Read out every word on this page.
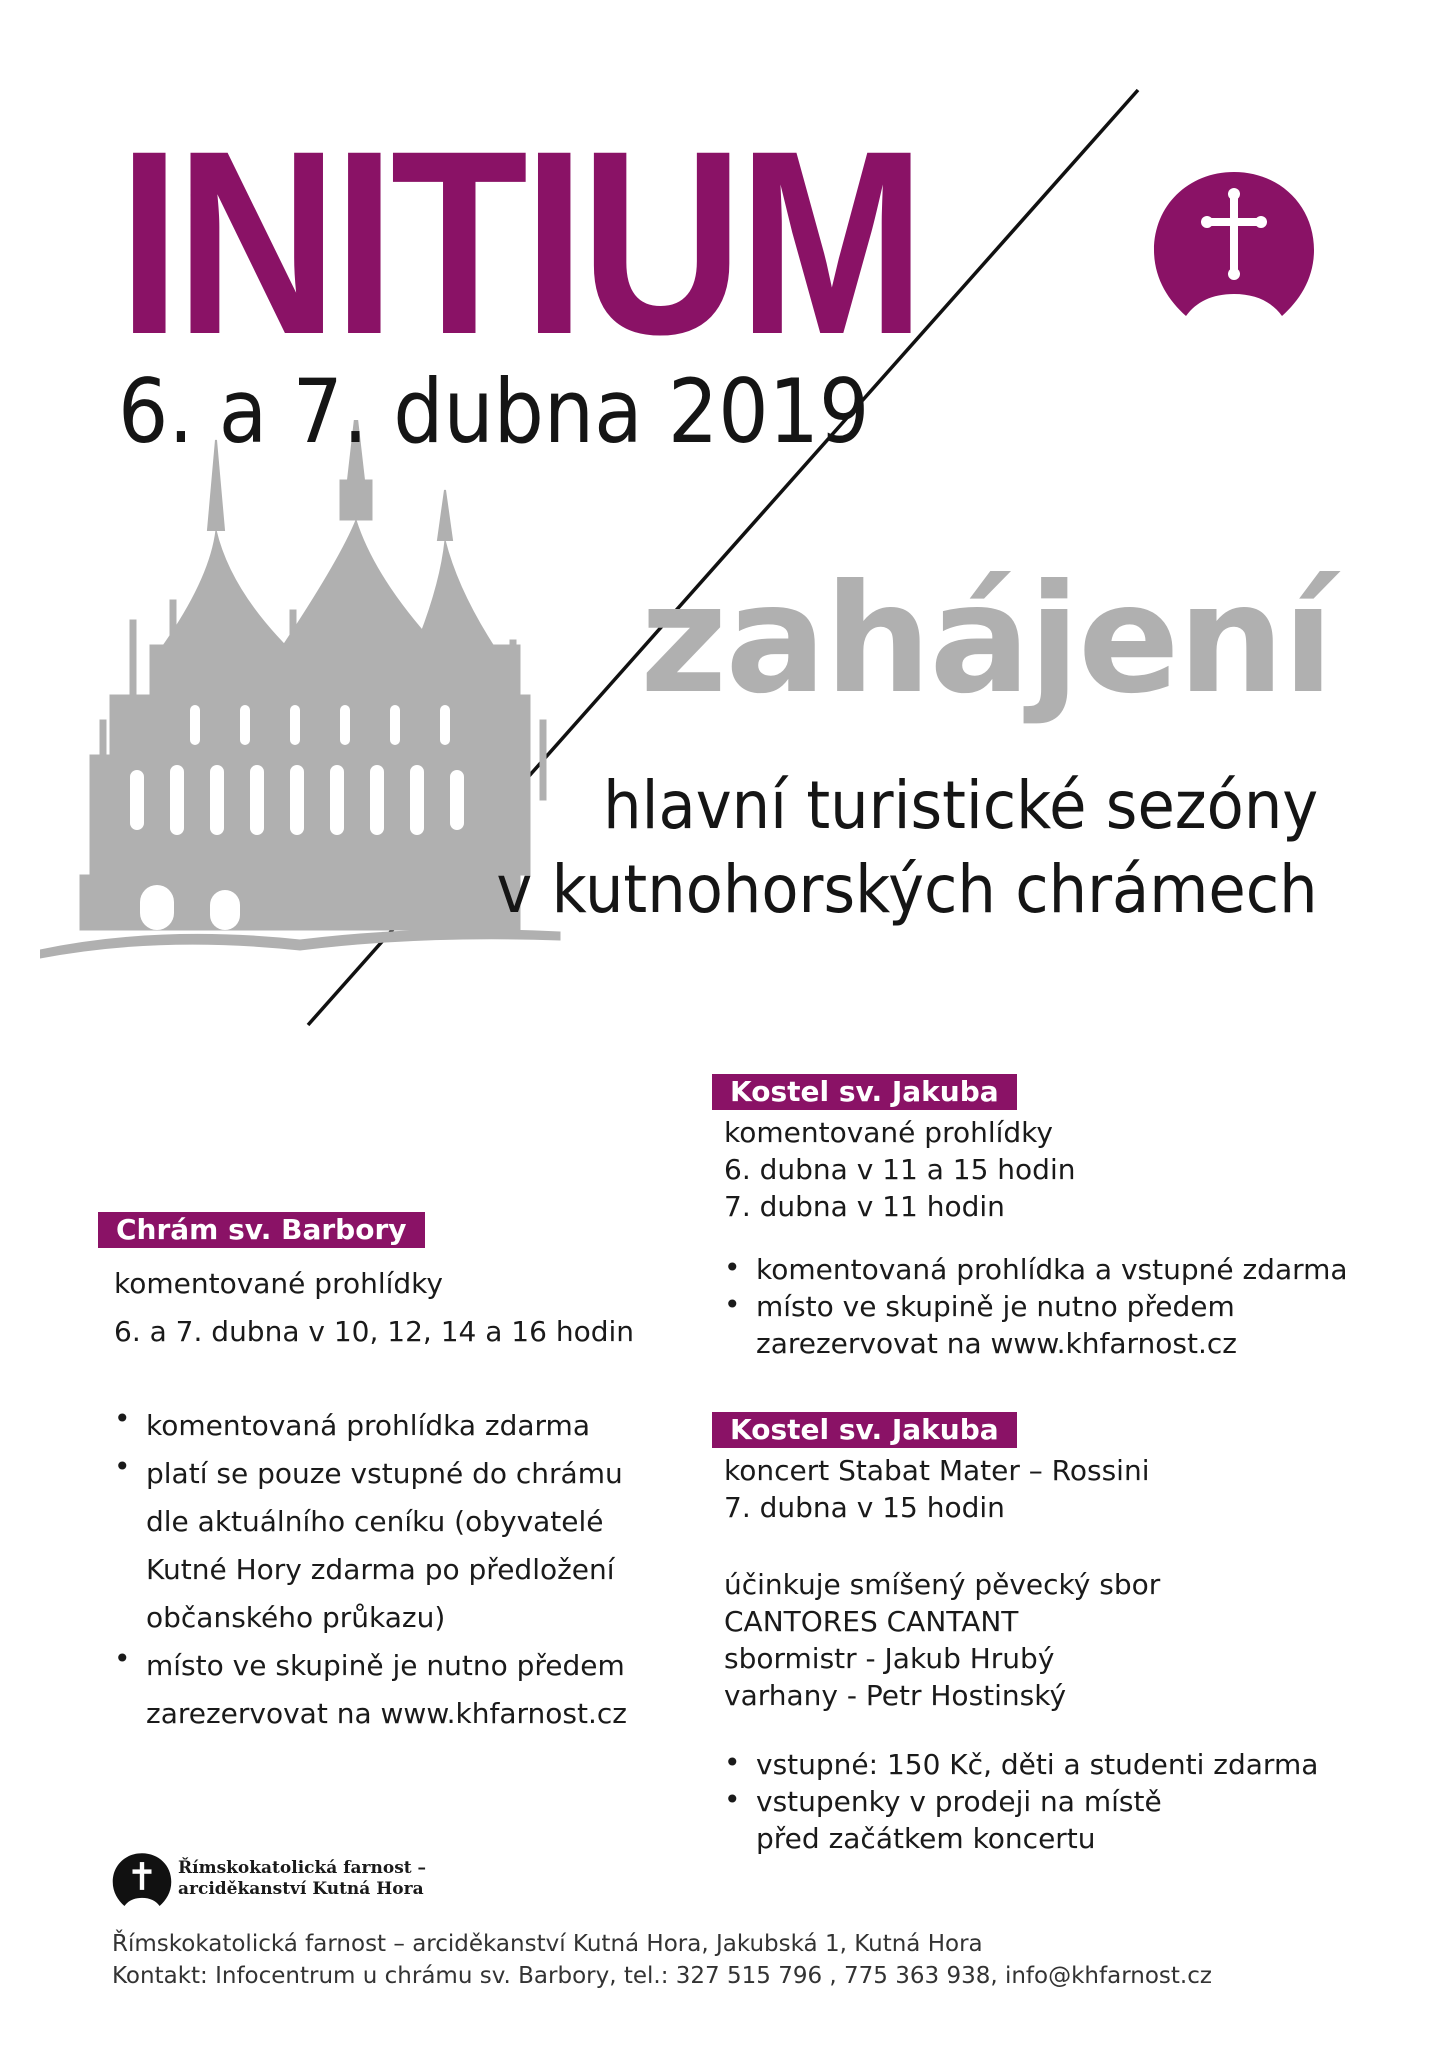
INITIUM
6. a 7. dubna 2019
zahájení

hlavní turistické sezóny

v kutnohorských chrámech

Chrám sv. Barbory

komentované prohlídky

6. a 7. dubna v 10, 12, 14 a 16 hodin

• komentovaná prohlídka zdarma

• platí se pouze vstupné do chrámu

dle aktuálního ceníku (obyvatelé

Kutné Hory zdarma po předložení

občanského průkazu)

• místo ve skupině je nutno předem

zarezervovat na www.khfarnost.cz

Kostel sv. Jakuba

komentované prohlídky

6. dubna v 11 a 15 hodin

7. dubna v 11 hodin

• komentovaná prohlídka a vstupné zdarma

• místo ve skupině je nutno předem

zarezervovat na www.khfarnost.cz

Kostel sv. Jakuba

koncert Stabat Mater – Rossini

7. dubna v 15 hodin

účinkuje smíšený pěvecký sbor

CANTORES CANTANT

sbormistr - Jakub Hrubý

varhany - Petr Hostinský

• vstupné: 150 Kč, děti a studenti zdarma

• vstupenky v prodeji na místě

před začátkem koncertu

Římskokatolická farnost –
arciděkanství Kutná Hora

Římskokatolická farnost – arciděkanství Kutná Hora, Jakubská 1, Kutná Hora

Kontakt: Infocentrum u chrámu sv. Barbory, tel.: 327 515 796 , 775 363 938, info@khfarnost.cz
